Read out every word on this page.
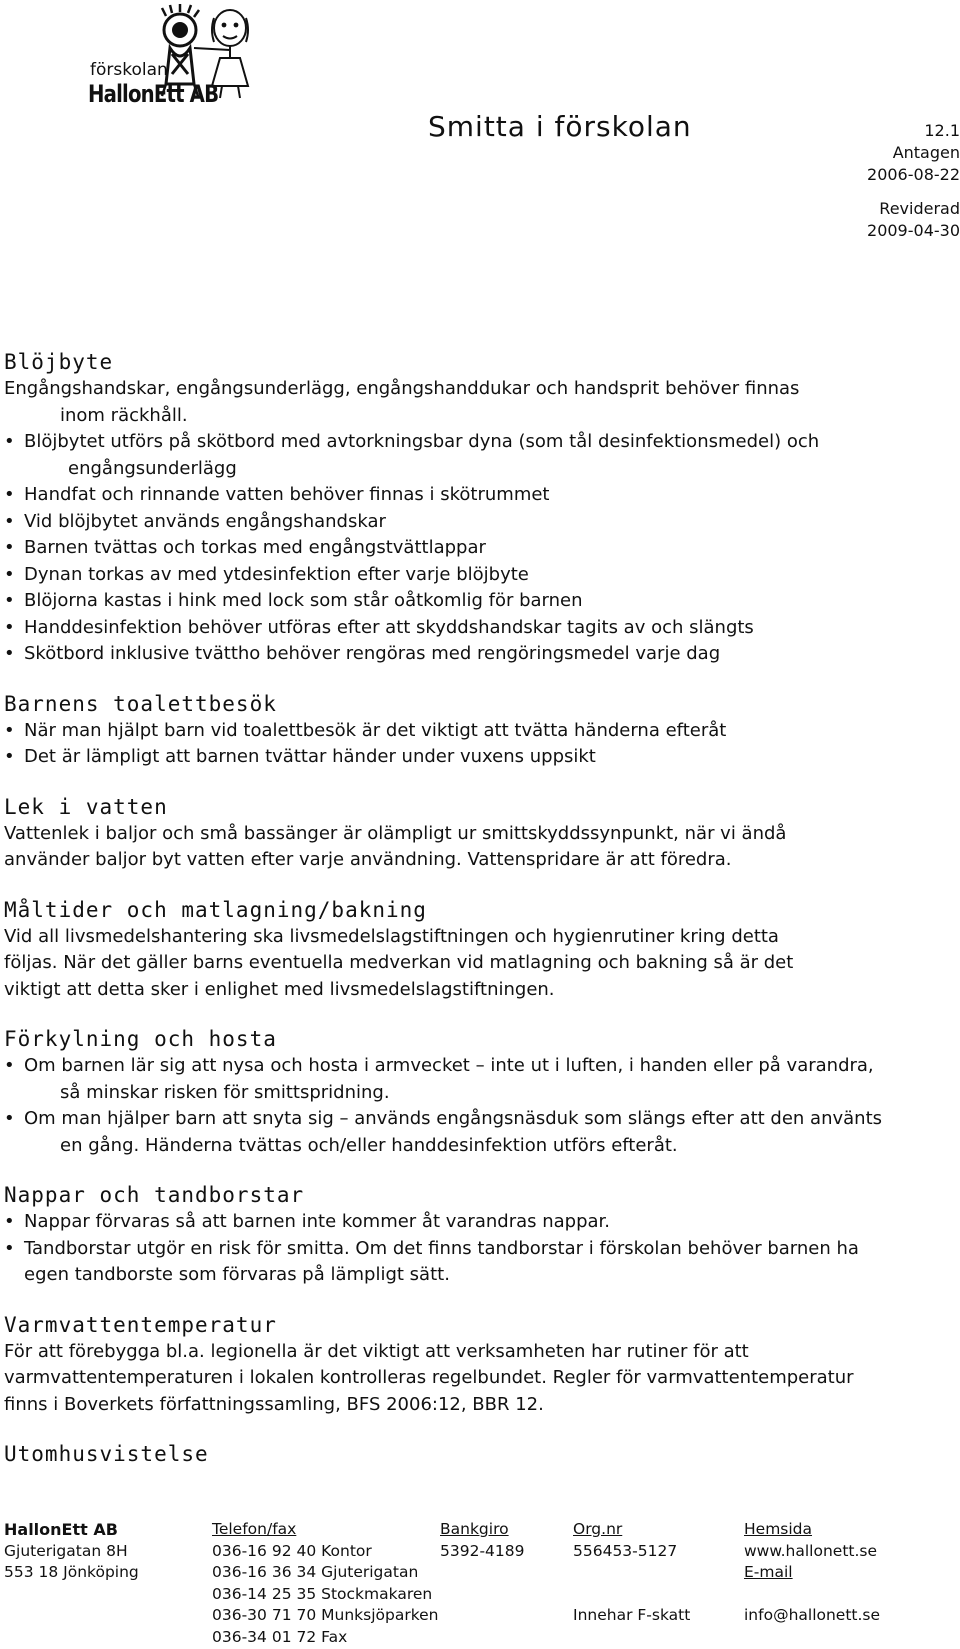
förskolan
HallonEtt AB
Smitta i förskolan	12.1
Antagen
2006-08-22
Reviderad
2009-04-30
Blöjbyte

Engångshandskar, engångsunderlägg, engångshanddukar och handsprit behöver finnas

inom räckhåll.

• Blöjbytet utförs på skötbord med avtorkningsbar dyna (som tål desinfektionsmedel) och
engångsunderlägg
• Handfat och rinnande vatten behöver finnas i skötrummet
• Vid blöjbytet används engångshandskar
• Barnen tvättas och torkas med engångstvättlappar
• Dynan torkas av med ytdesinfektion efter varje blöjbyte
• Blöjorna kastas i hink med lock som står oåtkomlig för barnen
• Handdesinfektion behöver utföras efter att skyddshandskar tagits av och slängts
• Skötbord inklusive tvättho behöver rengöras med rengöringsmedel varje dag
Barnens toalettbesök
• När man hjälpt barn vid toalettbesök är det viktigt att tvätta händerna efteråt
• Det är lämpligt att barnen tvättar händer under vuxens uppsikt
Lek i vatten

Vattenlek i baljor och små bassänger är olämpligt ur smittskyddssynpunkt, när vi ändå

använder baljor byt vatten efter varje användning. Vattenspridare är att föredra.

Måltider och matlagning/bakning

Vid all livsmedelshantering ska livsmedelslagstiftningen och hygienrutiner kring detta

följas. När det gäller barns eventuella medverkan vid matlagning och bakning så är det

viktigt att detta sker i enlighet med livsmedelslagstiftningen.

Förkylning och hosta
• Om barnen lär sig att nysa och hosta i armvecket – inte ut i luften, i handen eller på varandra,
så minskar risken för smittspridning.
• Om man hjälper barn att snyta sig – används engångsnäsduk som slängs efter att den använts
en gång. Händerna tvättas och/eller handdesinfektion utförs efteråt.
Nappar och tandborstar
• Nappar förvaras så att barnen inte kommer åt varandras nappar.
• Tandborstar utgör en risk för smitta. Om det finns tandborstar i förskolan behöver barnen ha
egen tandborste som förvaras på lämpligt sätt.
Varmvattentemperatur

För att förebygga bl.a. legionella är det viktigt att verksamheten har rutiner för att

varmvattentemperaturen i lokalen kontrolleras regelbundet. Regler för varmvattentemperatur

finns i Boverkets författningssamling, BFS 2006:12, BBR 12.

Utomhusvistelse
HallonEtt AB
Gjuterigatan 8H
553 18 Jönköping
Telefon/fax
036-16 92 40 Kontor
036-16 36 34 Gjuterigatan
036-14 25 35 Stockmakaren
036-30 71 70 Munksjöparken
036-34 01 72 Fax
Bankgiro
5392-4189
Org.nr
556453-5127
Innehar F-skatt
Hemsida
www.hallonett.se
E-mail
info@hallonett.se
